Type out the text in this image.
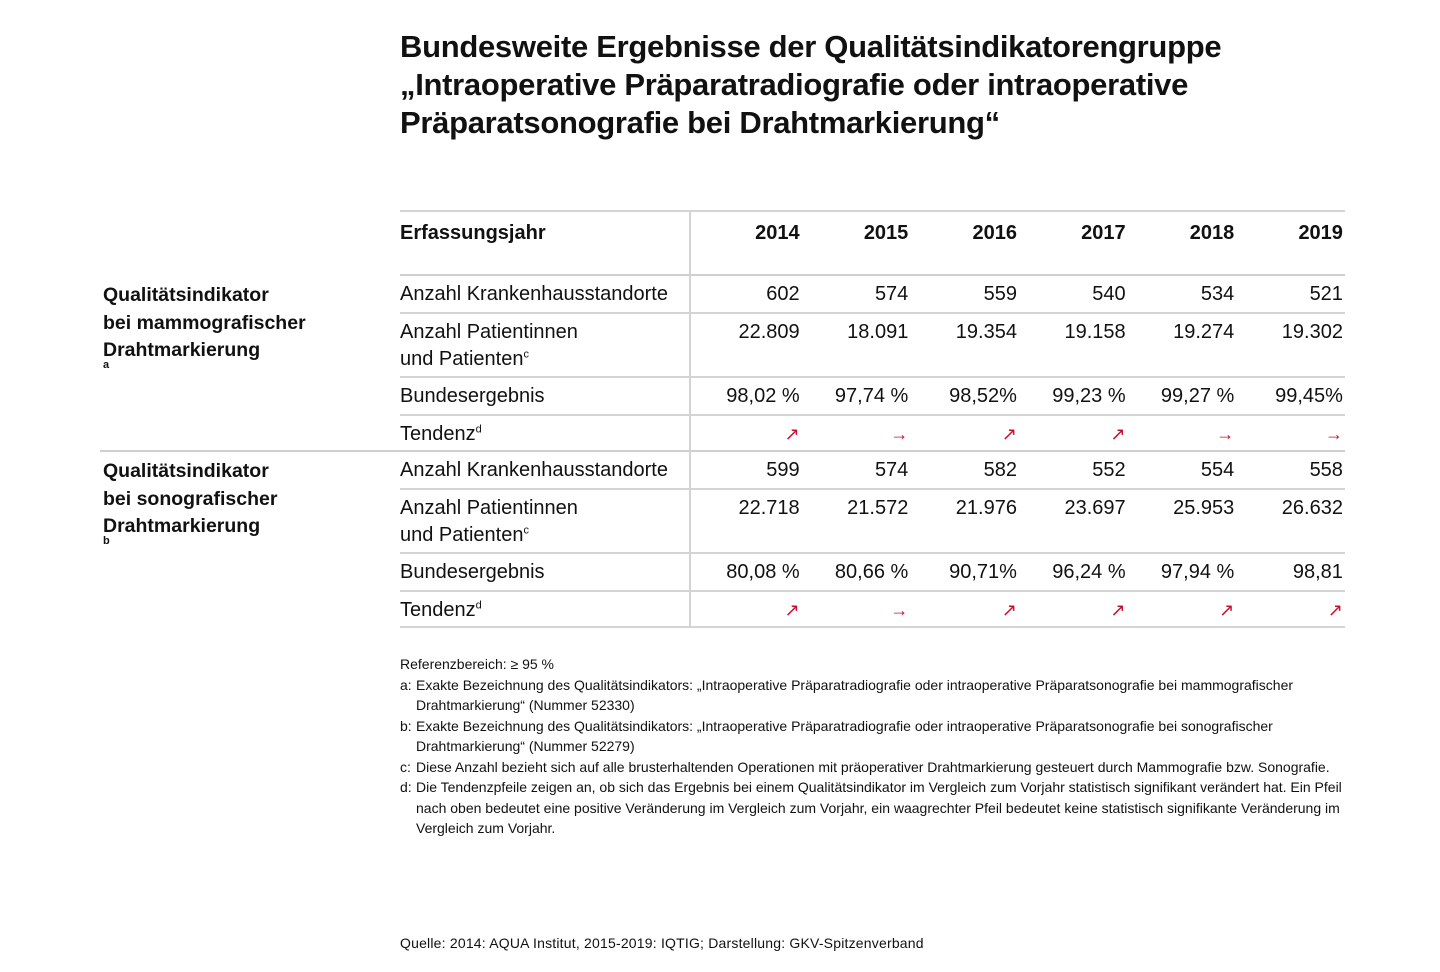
Bundesweite Ergebnisse der Qualitätsindikatorengruppe
„Intraoperative Präparatradiografie oder intraoperative
Präparatsonografie bei Drahtmarkierung“
Erfassungsjahr	2014	2015	2016	2017	2018	2019
Qualitätsindikator
bei mammografischer
Drahtmarkierung
a
Anzahl Krankenhausstandorte	602	574	559	540	534	521
Anzahl Patientinnen
und Patienten$^c$
22.809	18.091	19.354	19.158	19.274	19.302
Bundesergebnis	98,02 %	97,74 %	98,52%	99,23 %	99,27 %	99,45%
Tendenz$^d$	↗	→	↗	↗	→	→
Qualitätsindikator
bei sonografischer
Drahtmarkierung
b
Anzahl Krankenhausstandorte	599	574	582	552	554	558
Anzahl Patientinnen
und Patienten$^c$
22.718	21.572	21.976	23.697	25.953	26.632
Bundesergebnis	80,08 %	80,66 %	90,71%	96,24 %	97,94 %	98,81
Tendenz$^d$	↗	→	↗	↗	↗	↗
Referenzbereich: ≥ 95 %
a: Exakte Bezeichnung des Qualitätsindikators: „Intraoperative Präparatradiografie oder intraoperative Präparatsonografie bei mammografischer Drahtmarkierung“ (Nummer 52330)
b: Exakte Bezeichnung des Qualitätsindikators: „Intraoperative Präparatradiografie oder intraoperative Präparatsonografie bei sonografischer Drahtmarkierung“ (Nummer 52279)
c: Diese Anzahl bezieht sich auf alle brusterhaltenden Operationen mit präoperativer Drahtmarkierung gesteuert durch Mammografie bzw. Sonografie.
d: Die Tendenzpfeile zeigen an, ob sich das Ergebnis bei einem Qualitätsindikator im Vergleich zum Vorjahr statistisch signifikant verändert hat. Ein Pfeil nach oben bedeutet eine positive Veränderung im Vergleich zum Vorjahr, ein waagrechter Pfeil bedeutet keine statistisch signifikante Veränderung im Vergleich zum Vorjahr.
Quelle: 2014: AQUA Institut, 2015-2019: IQTIG; Darstellung: GKV-Spitzenverband
